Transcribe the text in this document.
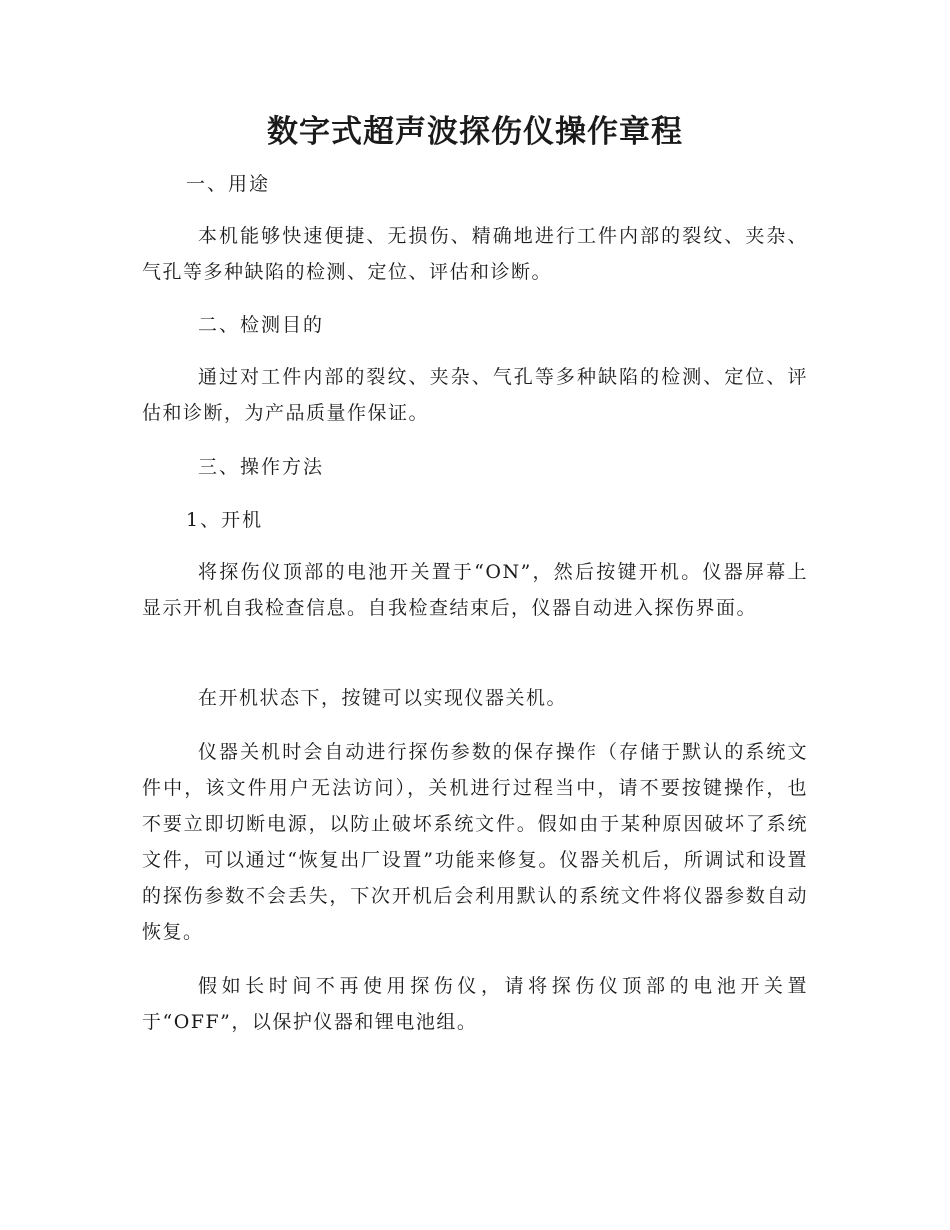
数字式超声波探伤仪操作章程
一、用途
本机能够快速便捷、无损伤、精确地进行工件内部的裂纹、夹杂、气孔等多种缺陷的检测、定位、评估和诊断。
二、检测目的
通过对工件内部的裂纹、夹杂、气孔等多种缺陷的检测、定位、评估和诊断，为产品质量作保证。
三、操作方法
1、开机
将探伤仪顶部的电池开关置于“ON”，然后按键开机。仪器屏幕上显示开机自我检查信息。自我检查结束后，仪器自动进入探伤界面。
在开机状态下，按键可以实现仪器关机。
仪器关机时会自动进行探伤参数的保存操作（存储于默认的系统文件中，该文件用户无法访问），关机进行过程当中，请不要按键操作，也不要立即切断电源，以防止破坏系统文件。假如由于某种原因破坏了系统文件，可以通过“恢复出厂设置”功能来修复。仪器关机后，所调试和设置的探伤参数不会丢失，下次开机后会利用默认的系统文件将仪器参数自动恢复。
假如长时间不再使用探伤仪，请将探伤仪顶部的电池开关置于“OFF”，以保护仪器和锂电池组。
